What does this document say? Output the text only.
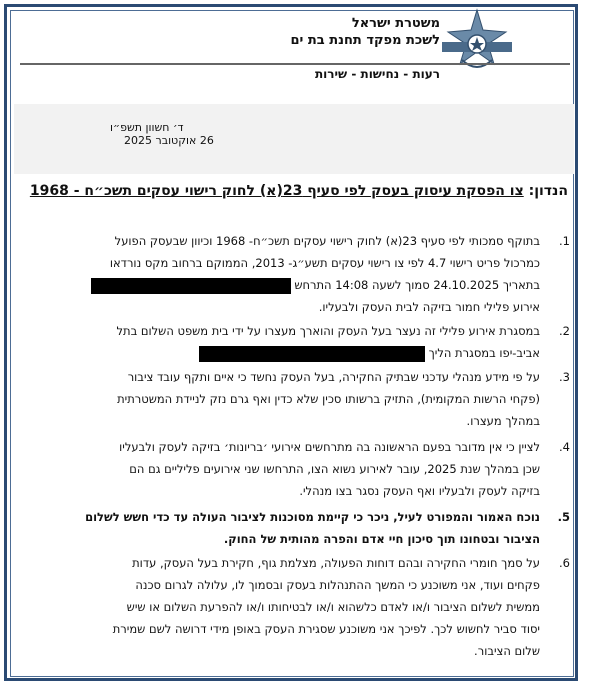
משטרת ישראל
לשכת מפקד תחנת בת ים
רעות - נחישות - שירות
ד׳ חשוון תשפ״ו
26 אוקטובר 2025
הנדון: צו הפסקת עיסוק בעסק לפי סעיף 23(א) לחוק רישוי עסקים תשכ״ח - 1968
1.
בתוקף סמכותי לפי סעיף 23(א) לחוק רישוי עסקים תשכ״ח- 1968 וכיוון שבעסק הפועל
כמרכול פריט רישוי 4.7 לפי צו רישוי עסקים תשע״ג- 2013, הממוקם ברחוב מקס נורדאו
בתאריך 24.10.2025 סמוך לשעה 14:08 התרחש
אירוע פלילי חמור בזיקה לבית העסק ולבעליו.
2.
במסגרת אירוע פלילי זה נעצר בעל העסק והוארך מעצרו על ידי בית משפט השלום בתל
אביב-יפו במסגרת הליך
3.
על פי מידע מנהלי עדכני שבתיק החקירה, בעל העסק נחשד כי איים ותקף עובד ציבור
(פקחי הרשות המקומית), התזיק ברשותו סכין שלא כדין ואף גרם נזק לניידת המשטרתית
במהלך מעצרו.
4.
לציין כי אין מדובר בפעם הראשונה בה מתרחשים אירועי ׳בריונות׳ בזיקה לעסק ולבעליו
שכן במהלך שנת 2025, עובר לאירוע נשוא הצו, התרחשו שני אירועים פליליים גם הם
בזיקה לעסק ולבעליו ואף העסק נסגר בצו מנהלי.
5.
נוכח האמור והמפורט לעיל, ניכר כי קיימת מסוכנות לציבור העולה עד כדי חשש לשלום
הציבור ובטחונו תוך סיכון חיי אדם והפרה מהותית של החוק.
6.
על סמך חומרי החקירה ובהם דוחות הפעולה, מצלמת גוף, חקירת בעל העסק, עדות
פקחים ועוד, אני משוכנע כי המשך ההתנהלות בעסק ובסמוך לו, עלולה לגרום סכנה
ממשית לשלום הציבור ו/או לאדם כלשהוא ו/או לבטיחותו ו/או להפרעת השלום או שיש
יסוד סביר לחשוש לכך. לפיכך אני משוכנע שסגירת העסק באופן מידי דרושה לשם שמירת
שלום הציבור.
